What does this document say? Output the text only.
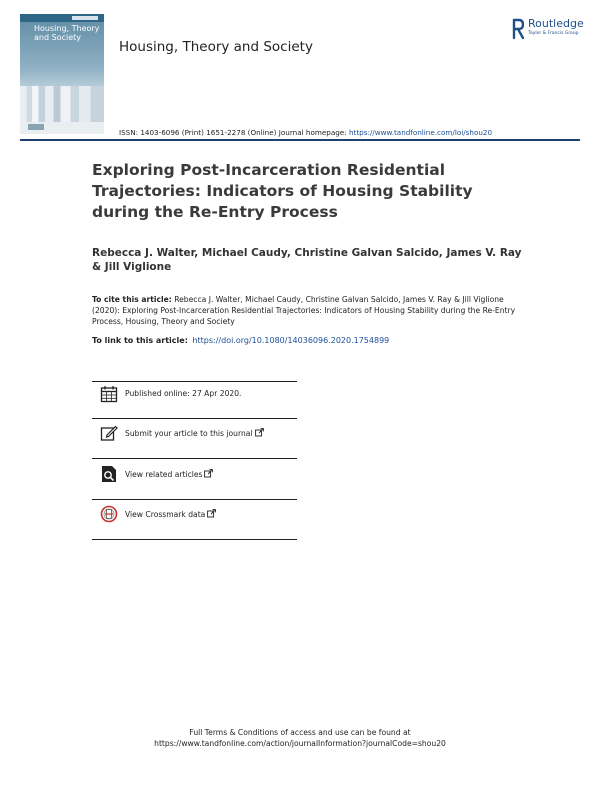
Housing, Theory and Society
Housing, Theory and Society
Routledge
Taylor & Francis Group
ISSN: 1403-6096 (Print) 1651-2278 (Online) Journal homepage: https://www.tandfonline.com/loi/shou20
Exploring Post-Incarceration Residential Trajectories: Indicators of Housing Stability during the Re-Entry Process
Rebecca J. Walter, Michael Caudy, Christine Galvan Salcido, James V. Ray & Jill Viglione
To cite this article: Rebecca J. Walter, Michael Caudy, Christine Galvan Salcido, James V. Ray & Jill Viglione (2020): Exploring Post-Incarceration Residential Trajectories: Indicators of Housing Stability during the Re-Entry Process, Housing, Theory and Society
To link to this article: https://doi.org/10.1080/14036096.2020.1754899
Published online: 27 Apr 2020.
Submit your article to this journal
View related articles
View Crossmark data
Full Terms & Conditions of access and use can be found at
https://www.tandfonline.com/action/journalInformation?journalCode=shou20
